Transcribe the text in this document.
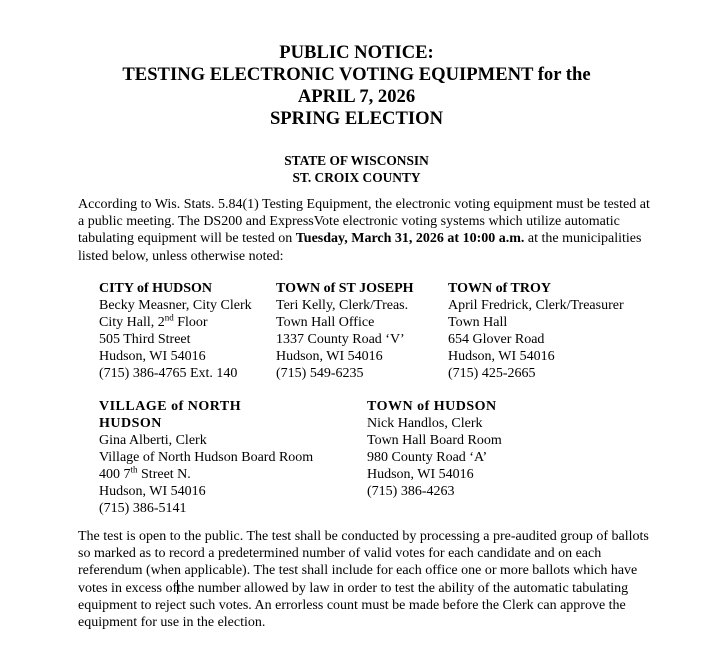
PUBLIC NOTICE:
TESTING ELECTRONIC VOTING EQUIPMENT for the
APRIL 7, 2026
SPRING ELECTION
STATE OF WISCONSIN
ST. CROIX COUNTY
According to Wis. Stats. 5.84(1) Testing Equipment, the electronic voting equipment must be tested at a public meeting. The DS200 and ExpressVote electronic voting systems which utilize automatic tabulating equipment will be tested on Tuesday, March 31, 2026 at 10:00 a.m. at the municipalities listed below, unless otherwise noted:
CITY of HUDSON
Becky Measner, City Clerk
City Hall, 2nd Floor
505 Third Street
Hudson, WI 54016
(715) 386-4765 Ext. 140
TOWN of ST JOSEPH
Teri Kelly, Clerk/Treas.
Town Hall Office
1337 County Road ‘V’
Hudson, WI 54016
(715) 549-6235
TOWN of TROY
April Fredrick, Clerk/Treasurer
Town Hall
654 Glover Road
Hudson, WI 54016
(715) 425-2665
VILLAGE of NORTH
HUDSON
Gina Alberti, Clerk
Village of North Hudson Board Room
400 7th Street N.
Hudson, WI 54016
(715) 386-5141
TOWN of HUDSON
Nick Handlos, Clerk
Town Hall Board Room
980 County Road ‘A’
Hudson, WI 54016
(715) 386-4263
The test is open to the public. The test shall be conducted by processing a pre-audited group of ballots so marked as to record a predetermined number of valid votes for each candidate and on each referendum (when applicable). The test shall include for each office one or more ballots which have votes in excess ofthe number allowed by law in order to test the ability of the automatic tabulating equipment to reject such votes. An errorless count must be made before the Clerk can approve the equipment for use in the election.
